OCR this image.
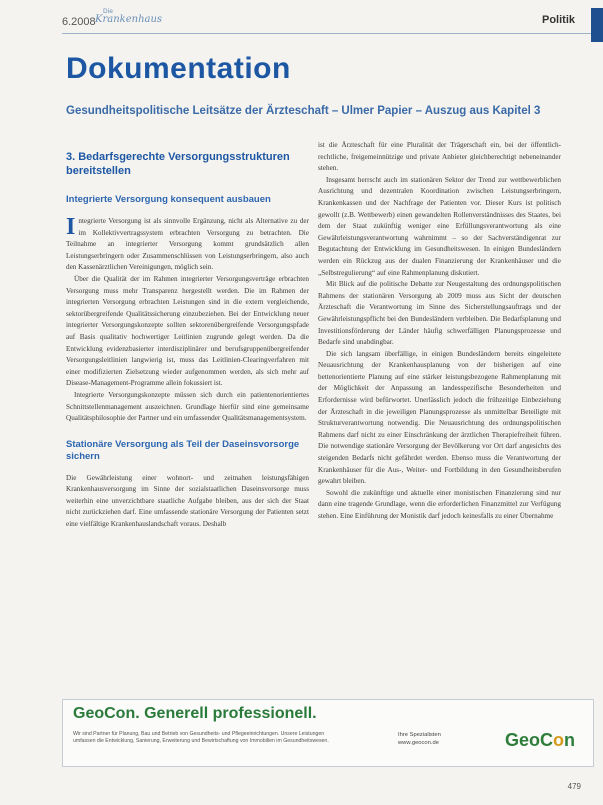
6.2008
Die
Krankenhaus	Politik
Dokumentation
Gesundheitspolitische Leitsätze der Ärzteschaft – Ulmer Papier – Auszug aus Kapitel 3
3. Bedarfsgerechte Versorgungsstrukturen bereitstellen
Integrierte Versorgung konsequent ausbauen

Integrierte Versorgung ist als sinnvolle Ergänzung, nicht als Alternative zu der im Kollektivvertragssystem erbrachten Versorgung zu betrachten. Die Teilnahme an integrierter Versorgung kommt grundsätzlich allen Leistungserbringern oder Zusammenschlüssen von Leistungserbringern, also auch den Kassenärztlichen Vereinigungen, möglich sein.

Über die Qualität der im Rahmen integrierter Versorgungsverträge erbrachten Versorgung muss mehr Transparenz hergestellt werden. Die im Rahmen der integrierten Versorgung erbrachten Leistungen sind in die extern vergleichende, sektorübergreifende Qualitätssicherung einzubeziehen. Bei der Entwicklung neuer integrierter Versorgungskonzepte sollten sektorenübergreifende Versorgungspfade auf Basis qualitativ hochwertiger Leitlinien zugrunde gelegt werden. Da die Entwicklung evidenzbasierter interdisziplinärer und berufsgruppenübergreifender Versorgungsleitlinien langwierig ist, muss das Leitlinien-Clearingverfahren mit einer modifizierten Zielsetzung wieder aufgenommen werden, als sich mehr auf Disease-Management-Programme allein fokussiert ist.

Integrierte Versorgungskonzepte müssen sich durch ein patientenorientiertes Schnittstellenmanagement auszeichnen. Grundlage hierfür sind eine gemeinsame Qualitätsphilosophie der Partner und ein umfassender Qualitätsmanagementsystem.

Stationäre Versorgung als Teil der Daseinsvorsorge sichern

Die Gewährleistung einer wohnort- und zeitnahen leistungsfähigen Krankenhausversorgung im Sinne der sozialstaatlichen Daseinsvorsorge muss weiterhin eine unverzichtbare staatliche Aufgabe bleiben, aus der sich der Staat nicht zurückziehen darf. Eine umfassende stationäre Versorgung der Patienten setzt eine vielfältige Krankenhauslandschaft voraus. Deshalb

ist die Ärzteschaft für eine Pluralität der Trägerschaft ein, bei der öffentlich-rechtliche, freigemeinnützige und private Anbieter gleichberechtigt nebeneinander stehen.

Insgesamt herrscht auch im stationären Sektor der Trend zur wettbewerblichen Ausrichtung und dezentralen Koordination zwischen Leistungserbringern, Krankenkassen und der Nachfrage der Patienten vor. Dieser Kurs ist politisch gewollt (z.B. Wettbewerb) einen gewandelten Rollenverständnisses des Staates, bei dem der Staat zukünftig weniger eine Erfüllungsverantwortung als eine Gewährleistungsverantwortung wahrnimmt – so der Sachverständigenrat zur Begutachtung der Entwicklung im Gesundheitswesen. In einigen Bundesländern werden ein Rückzug aus der dualen Finanzierung der Krankenhäuser und die „Selbstregulierung“ auf eine Rahmenplanung diskutiert.

Mit Blick auf die politische Debatte zur Neugestaltung des ordnungspolitischen Rahmens der stationären Versorgung ab 2009 muss aus Sicht der deutschen Ärzteschaft die Verantwortung im Sinne des Sicherstellungsauftrags und der Gewährleistungspflicht bei den Bundesländern verbleiben. Die Bedarfsplanung und Investitionsförderung der Länder häufig schwerfälligen Planungsprozesse und Bedarfe sind unabdingbar.

Die sich langsam überfällige, in einigen Bundesländern bereits eingeleitete Neuausrichtung der Krankenhausplanung von der bisherigen auf eine bettenorientierte Planung auf eine stärker leistungsbezogene Rahmenplanung mit der Möglichkeit der Anpassung an landesspezifische Besonderheiten und Erfordernisse wird befürwortet. Unerlässlich jedoch die frühzeitige Einbeziehung der Ärzteschaft in die jeweiligen Planungsprozesse als unmittelbar Beteiligte mit Strukturverantwortung notwendig. Die Neuausrichtung des ordnungspolitischen Rahmens darf nicht zu einer Einschränkung der ärztlichen Therapiefreiheit führen. Die notwendige stationäre Versorgung der Bevölkerung vor Ort darf angesichts des steigenden Bedarfs nicht gefährdet werden. Ebenso muss die Verantwortung der Krankenhäuser für die Aus-, Weiter- und Fortbildung in den Gesundheitsberufen gewahrt bleiben.

Sowohl die zukünftige und aktuelle einer monistischen Finanzierung sind nur dann eine tragende Grundlage, wenn die erforderlichen Finanzmittel zur Verfügung stehen. Eine Einführung der Monistik darf jedoch keinesfalls zu einer Übernahme

GeoCon. Generell professionell.
Wir sind Partner für Planung, Bau und Betrieb von Gesundheits- und Pflegeeinrichtungen. Unsere Leistungen umfassen die Entwicklung, Sanierung, Erweiterung und Bewirtschaftung von Immobilien im Gesundheitswesen.
Ihre Spezialisten
www.geocon.de	GeoCon
479
